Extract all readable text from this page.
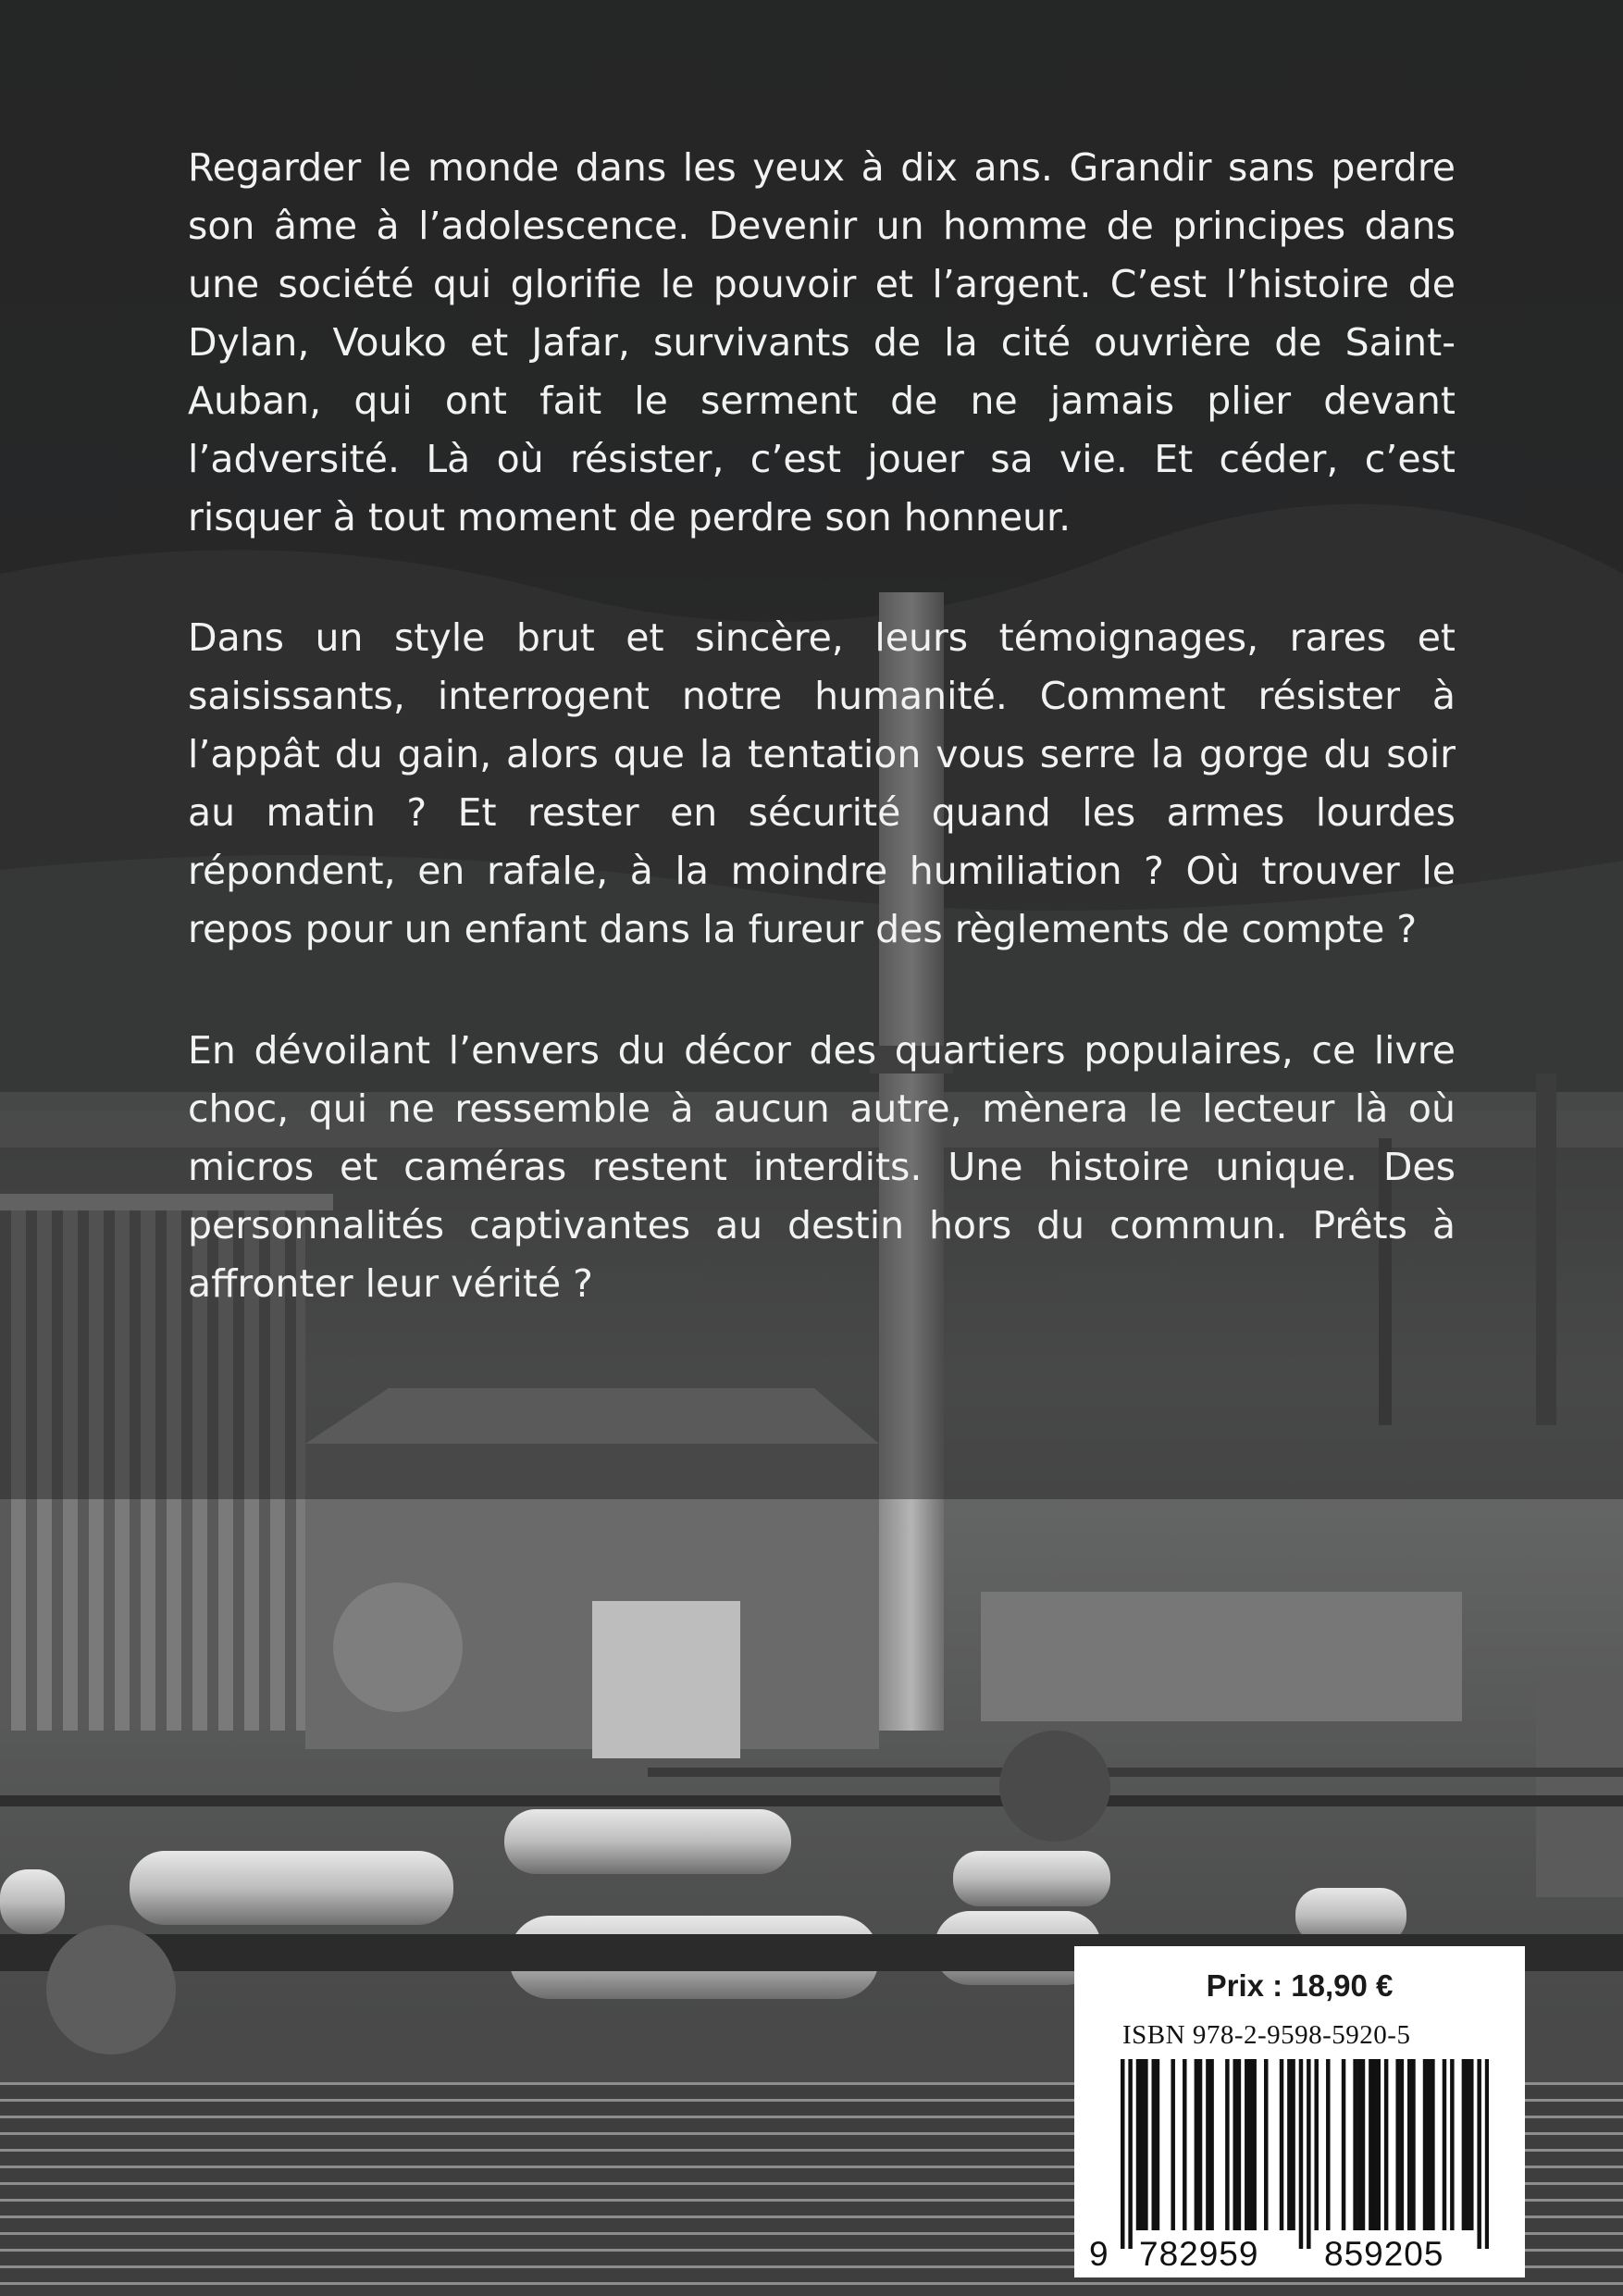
Regarder le monde dans les yeux à dix ans. Grandir sans perdre son âme à l’adolescence. Devenir un homme de principes dans une société qui glorifie le pouvoir et l’argent. C’est l’histoire de Dylan, Vouko et Jafar, survivants de la cité ouvrière de Saint-Auban, qui ont fait le serment de ne jamais plier devant l’adversité. Là où résister, c’est jouer sa vie. Et céder, c’est risquer à tout moment de perdre son honneur.

Dans un style brut et sincère, leurs témoignages, rares et saisissants, interrogent notre humanité. Comment résister à l’appât du gain, alors que la tentation vous serre la gorge du soir au matin ? Et rester en sécurité quand les armes lourdes répondent, en rafale, à la moindre humiliation ? Où trouver le repos pour un enfant dans la fureur des règlements de compte ?

En dévoilant l’envers du décor des quartiers populaires, ce livre choc, qui ne ressemble à aucun autre, mènera le lecteur là où micros et caméras restent interdits. Une histoire unique. Des personnalités captivantes au destin hors du commun. Prêts à affronter leur vérité ?

Prix : 18,90 €
ISBN 978-2-9598-5920-5
9 782959 859205
